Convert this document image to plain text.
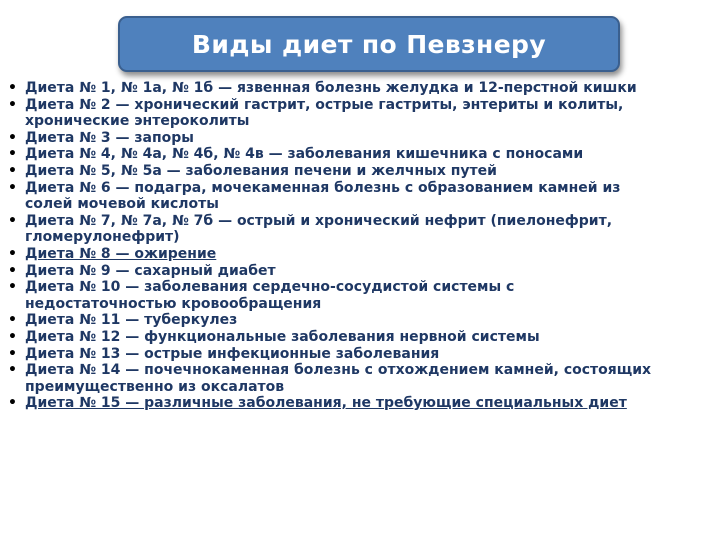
Виды диет по Певзнеру
• Диета № 1, № 1а, № 1б — язвенная болезнь желудка и 12-перстной кишки
• Диета № 2 — хронический гастрит, острые гастриты, энтериты и колиты,
хронические энтероколиты
• Диета № 3 — запоры
• Диета № 4, № 4а, № 4б, № 4в — заболевания кишечника с поносами
• Диета № 5, № 5а — заболевания печени и желчных путей
• Диета № 6 — подагра, мочекаменная болезнь с образованием камней из
солей мочевой кислоты
• Диета № 7, № 7а, № 7б — острый и хронический нефрит (пиелонефрит,
гломерулонефрит)
• Диета № 8 — ожирение
• Диета № 9 — сахарный диабет
• Диета № 10 — заболевания сердечно-сосудистой системы с
недостаточностью кровообращения
• Диета № 11 — туберкулез
• Диета № 12 — функциональные заболевания нервной системы
• Диета № 13 — острые инфекционные заболевания
• Диета № 14 — почечнокаменная болезнь с отхождением камней, состоящих
преимущественно из оксалатов
• Диета № 15 — различные заболевания, не требующие специальных диет
